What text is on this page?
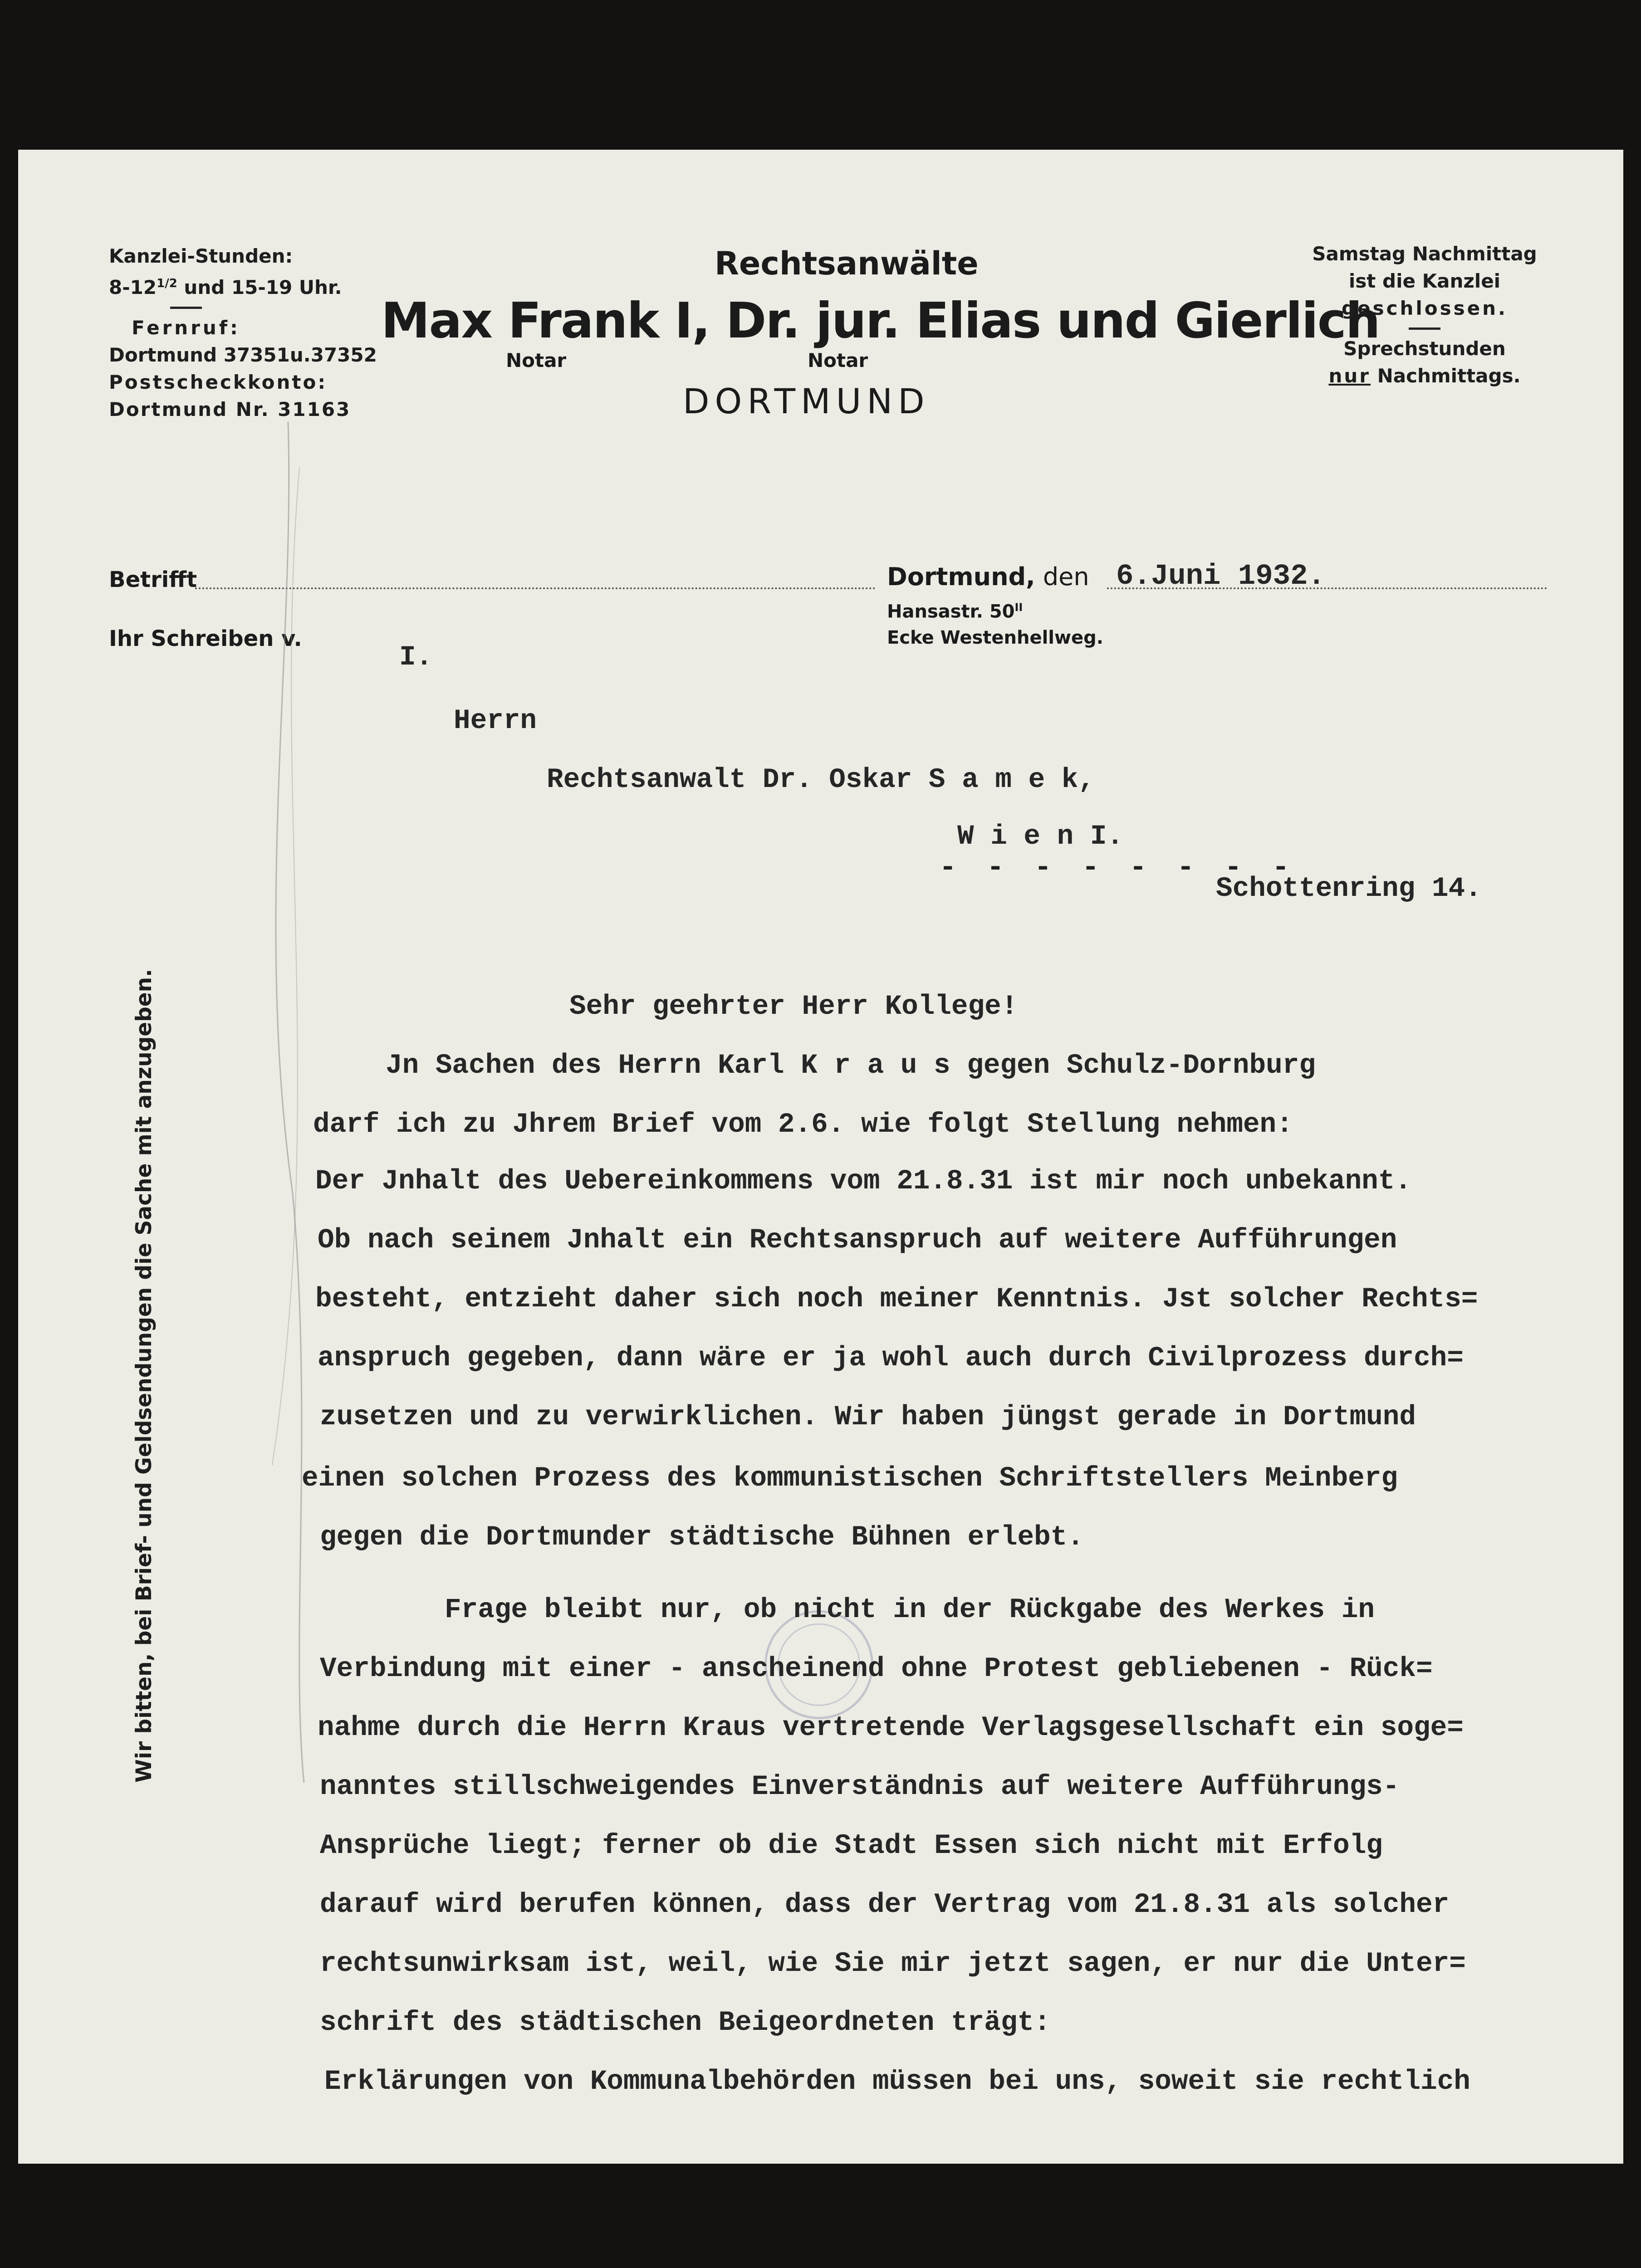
Kanzlei-Stunden:
$8-12^{1/2}$ und 15-19 Uhr.
Fernruf:
Dortmund 37351u.37352
Postscheckkonto:
Dortmund Nr. 31163
Rechtsanwälte
Max Frank I, Dr. jur. Elias und Gierlich
Notar	Notar
DORTMUND
Samstag Nachmittag
ist die Kanzlei
geschlossen.
Sprechstunden
nur Nachmittags.
Betrifft
Ihr Schreiben v.
Dortmund, den 6.Juni 1932.
Hansastr. $50^{II}$
Ecke Westenhellweg.
Wir bitten, bei Brief- und Geldsendungen die Sache mit anzugeben.
I.
Herrn
Rechtsanwalt Dr. Oskar S a m e k,
W i e n I.
- - - - - - - -
Schottenring 14.
Sehr geehrter Herr Kollege!
Jn Sachen des Herrn Karl K r a u s gegen Schulz-Dornburg
darf ich zu Jhrem Brief vom 2.6. wie folgt Stellung nehmen:
Der Jnhalt des Uebereinkommens vom 21.8.31 ist mir noch unbekannt.
Ob nach seinem Jnhalt ein Rechtsanspruch auf weitere Aufführungen
besteht, entzieht daher sich noch meiner Kenntnis. Jst solcher Rechts=
anspruch gegeben, dann wäre er ja wohl auch durch Civilprozess durch=
zusetzen und zu verwirklichen. Wir haben jüngst gerade in Dortmund
einen solchen Prozess des kommunistischen Schriftstellers Meinberg
gegen die Dortmunder städtische Bühnen erlebt.
Frage bleibt nur, ob nicht in der Rückgabe des Werkes in
Verbindung mit einer - anscheinend ohne Protest gebliebenen - Rück=
nahme durch die Herrn Kraus vertretende Verlagsgesellschaft ein soge=
nanntes stillschweigendes Einverständnis auf weitere Aufführungs-
Ansprüche liegt; ferner ob die Stadt Essen sich nicht mit Erfolg
darauf wird berufen können, dass der Vertrag vom 21.8.31 als solcher
rechtsunwirksam ist, weil, wie Sie mir jetzt sagen, er nur die Unter=
schrift des städtischen Beigeordneten trägt:
Erklärungen von Kommunalbehörden müssen bei uns, soweit sie rechtlich
